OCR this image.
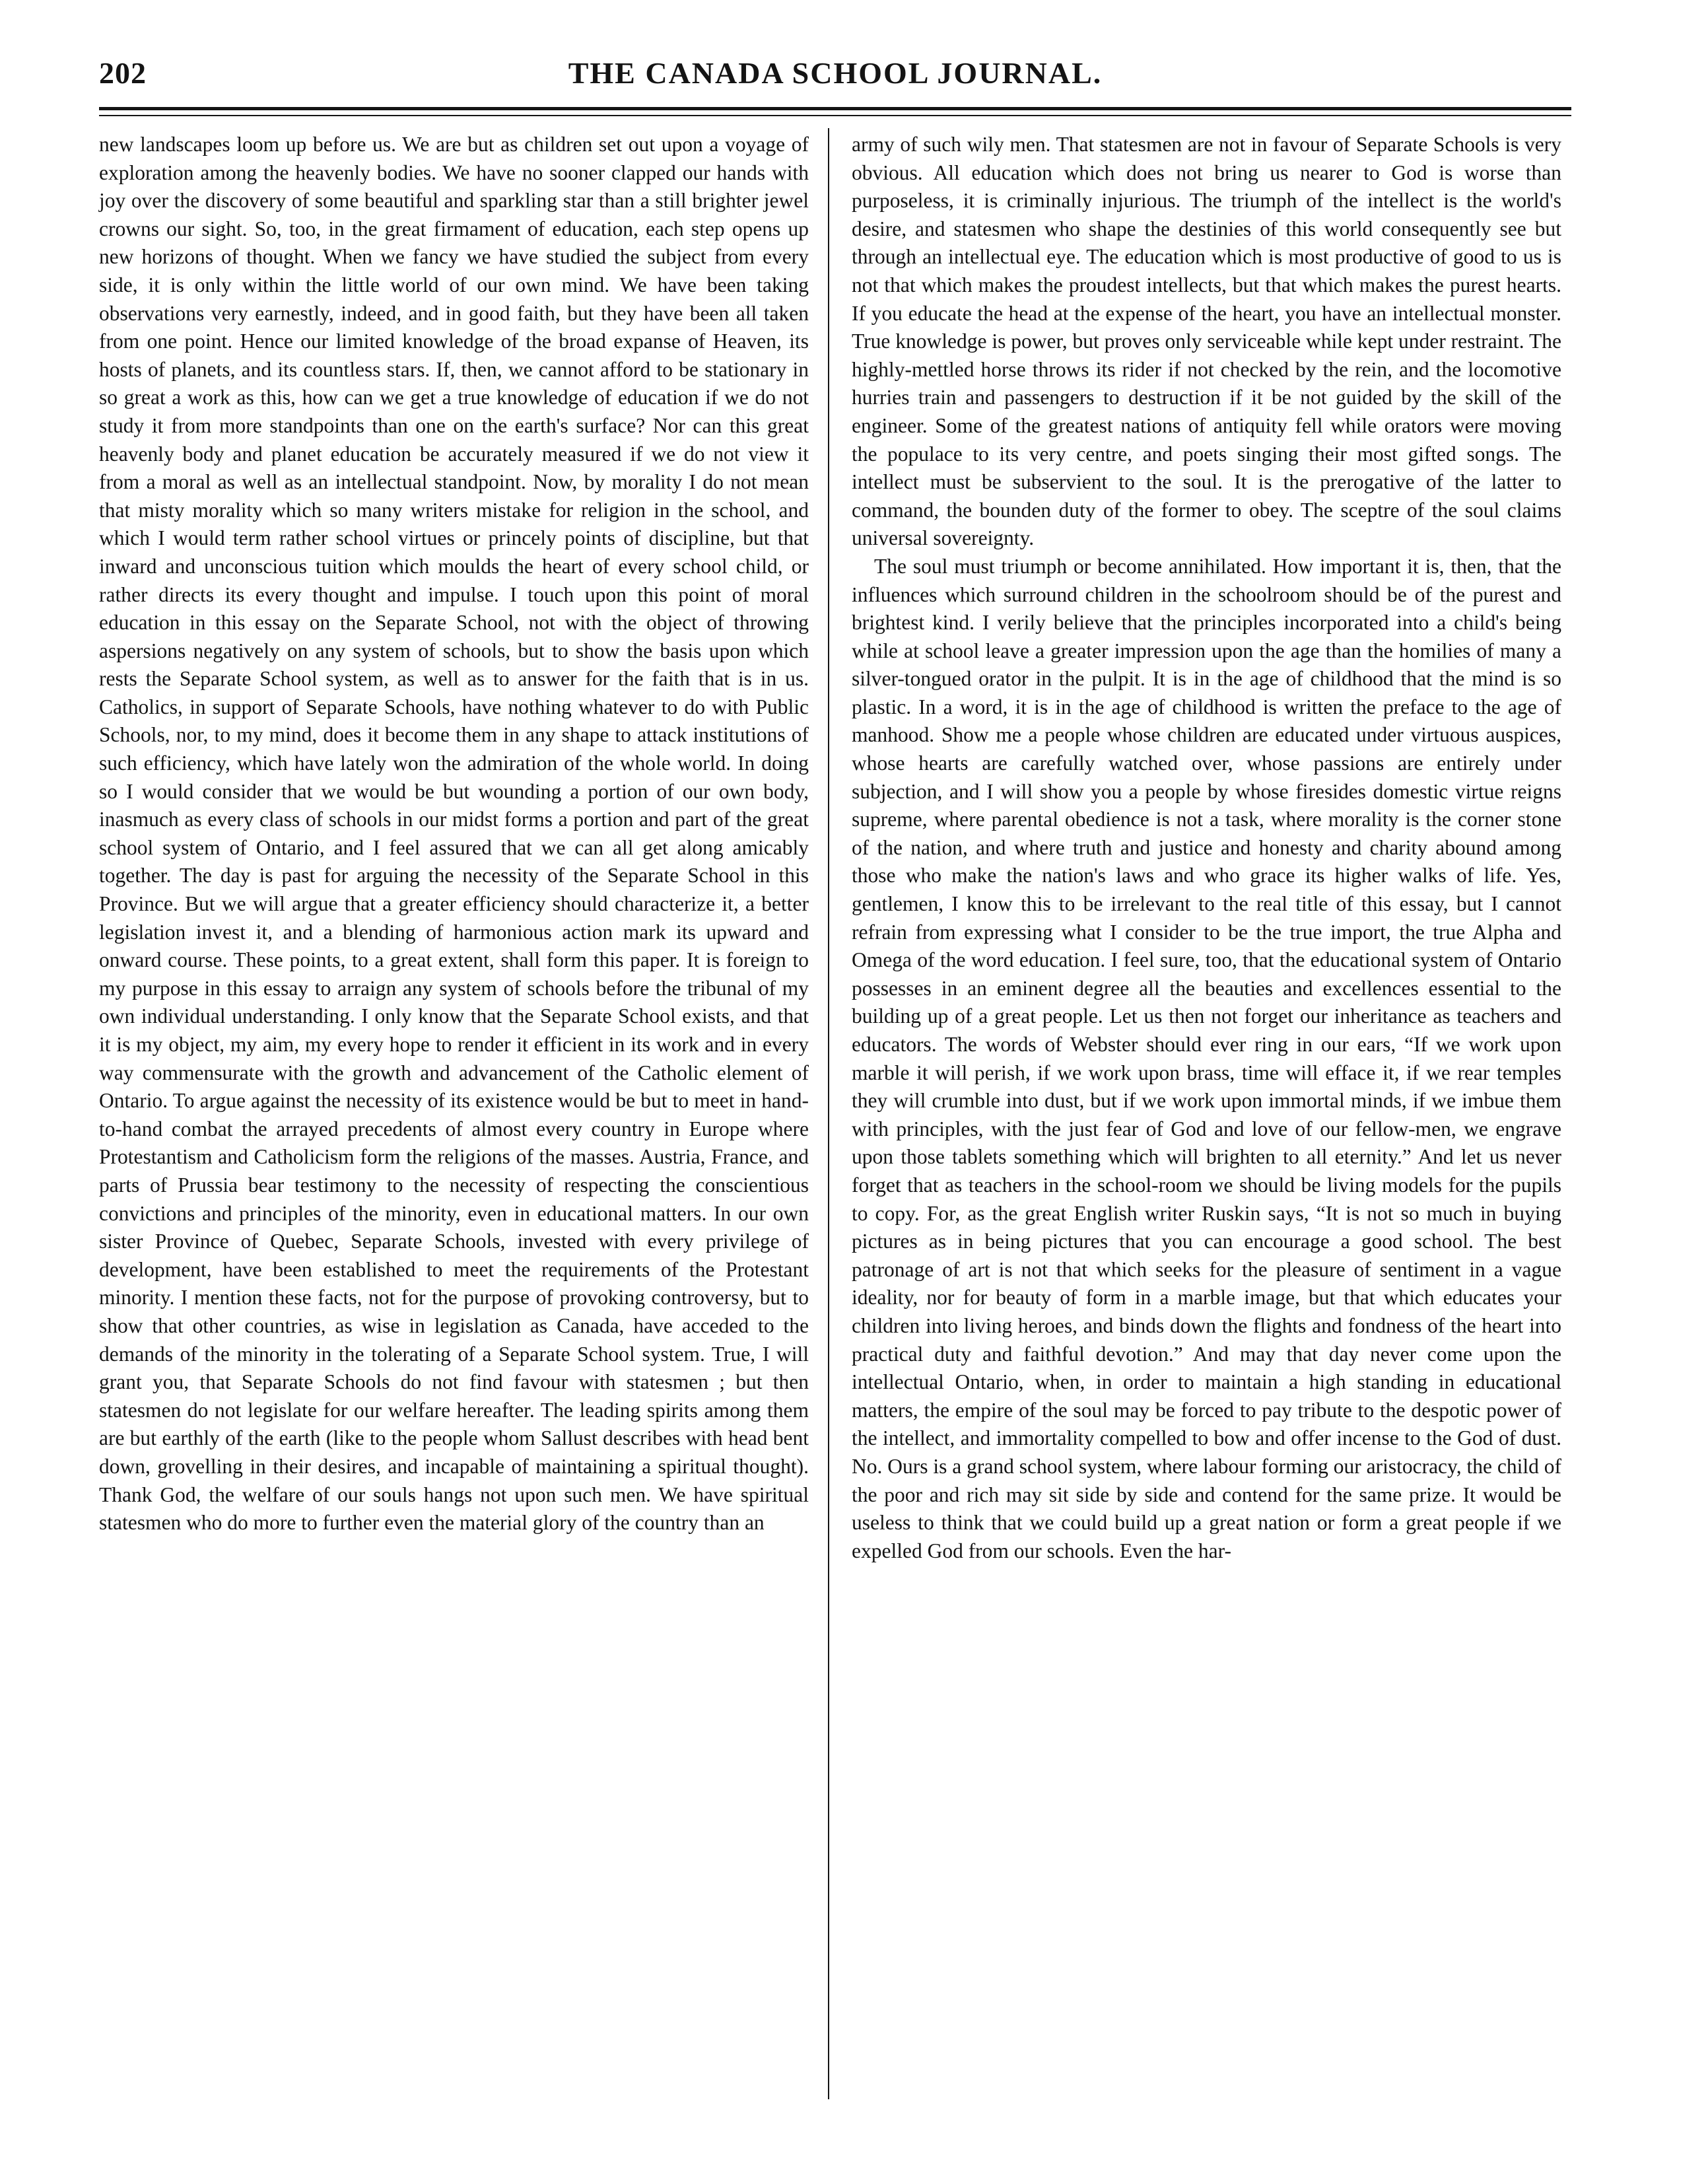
202	THE CANADA SCHOOL JOURNAL.

new landscapes loom up before us. We are but as children set out upon a voyage of exploration among the heavenly bodies. We have no sooner clapped our hands with joy over the discovery of some beautiful and sparkling star than a still brighter jewel crowns our sight. So, too, in the great firmament of education, each step opens up new horizons of thought. When we fancy we have studied the subject from every side, it is only within the little world of our own mind. We have been taking observations very earnestly, indeed, and in good faith, but they have been all taken from one point. Hence our limited knowledge of the broad expanse of Heaven, its hosts of planets, and its countless stars. If, then, we cannot afford to be stationary in so great a work as this, how can we get a true knowledge of education if we do not study it from more standpoints than one on the earth's surface? Nor can this great heavenly body and planet education be accurately measured if we do not view it from a moral as well as an intellectual standpoint. Now, by morality I do not mean that misty morality which so many writers mistake for religion in the school, and which I would term rather school virtues or princely points of discipline, but that inward and unconscious tuition which moulds the heart of every school child, or rather directs its every thought and impulse. I touch upon this point of moral education in this essay on the Separate School, not with the object of throwing aspersions negatively on any system of schools, but to show the basis upon which rests the Separate School system, as well as to answer for the faith that is in us. Catholics, in support of Separate Schools, have nothing whatever to do with Public Schools, nor, to my mind, does it become them in any shape to attack institutions of such efficiency, which have lately won the admiration of the whole world. In doing so I would consider that we would be but wounding a portion of our own body, inasmuch as every class of schools in our midst forms a portion and part of the great school system of Ontario, and I feel assured that we can all get along amicably together. The day is past for arguing the necessity of the Separate School in this Province. But we will argue that a greater efficiency should characterize it, a better legislation invest it, and a blending of harmonious action mark its upward and onward course. These points, to a great extent, shall form this paper. It is foreign to my purpose in this essay to arraign any system of schools before the tribunal of my own individual understanding. I only know that the Separate School exists, and that it is my object, my aim, my every hope to render it efficient in its work and in every way commensurate with the growth and advancement of the Catholic element of Ontario. To argue against the necessity of its existence would be but to meet in hand-to-hand combat the arrayed precedents of almost every country in Europe where Protestantism and Catholicism form the religions of the masses. Austria, France, and parts of Prussia bear testimony to the necessity of respecting the conscientious convictions and principles of the minority, even in educational matters. In our own sister Province of Quebec, Separate Schools, invested with every privilege of development, have been established to meet the requirements of the Protestant minority. I mention these facts, not for the purpose of provoking controversy, but to show that other countries, as wise in legislation as Canada, have acceded to the demands of the minority in the tolerating of a Separate School system. True, I will grant you, that Separate Schools do not find favour with statesmen ; but then statesmen do not legislate for our welfare hereafter. The leading spirits among them are but earthly of the earth (like to the people whom Sallust describes with head bent down, grovelling in their desires, and incapable of maintaining a spiritual thought). Thank God, the welfare of our souls hangs not upon such men. We have spiritual statesmen who do more to further even the material glory of the country than an

army of such wily men. That statesmen are not in favour of Separate Schools is very obvious. All education which does not bring us nearer to God is worse than purposeless, it is criminally injurious. The triumph of the intellect is the world's desire, and statesmen who shape the destinies of this world consequently see but through an intellectual eye. The education which is most productive of good to us is not that which makes the proudest intellects, but that which makes the purest hearts. If you educate the head at the expense of the heart, you have an intellectual monster. True knowledge is power, but proves only serviceable while kept under restraint. The highly-mettled horse throws its rider if not checked by the rein, and the locomotive hurries train and passengers to destruction if it be not guided by the skill of the engineer. Some of the greatest nations of antiquity fell while orators were moving the populace to its very centre, and poets singing their most gifted songs. The intellect must be subservient to the soul. It is the prerogative of the latter to command, the bounden duty of the former to obey. The sceptre of the soul claims universal sovereignty.

The soul must triumph or become annihilated. How important it is, then, that the influences which surround children in the schoolroom should be of the purest and brightest kind. I verily believe that the principles incorporated into a child's being while at school leave a greater impression upon the age than the homilies of many a silver-tongued orator in the pulpit. It is in the age of childhood that the mind is so plastic. In a word, it is in the age of childhood is written the preface to the age of manhood. Show me a people whose children are educated under virtuous auspices, whose hearts are carefully watched over, whose passions are entirely under subjection, and I will show you a people by whose firesides domestic virtue reigns supreme, where parental obedience is not a task, where morality is the corner stone of the nation, and where truth and justice and honesty and charity abound among those who make the nation's laws and who grace its higher walks of life. Yes, gentlemen, I know this to be irrelevant to the real title of this essay, but I cannot refrain from expressing what I consider to be the true import, the true Alpha and Omega of the word education. I feel sure, too, that the educational system of Ontario possesses in an eminent degree all the beauties and excellences essential to the building up of a great people. Let us then not forget our inheritance as teachers and educators. The words of Webster should ever ring in our ears, “If we work upon marble it will perish, if we work upon brass, time will efface it, if we rear temples they will crumble into dust, but if we work upon immortal minds, if we imbue them with principles, with the just fear of God and love of our fellow-men, we engrave upon those tablets something which will brighten to all eternity.” And let us never forget that as teachers in the school-room we should be living models for the pupils to copy. For, as the great English writer Ruskin says, “It is not so much in buying pictures as in being pictures that you can encourage a good school. The best patronage of art is not that which seeks for the pleasure of sentiment in a vague ideality, nor for beauty of form in a marble image, but that which educates your children into living heroes, and binds down the flights and fondness of the heart into practical duty and faithful devotion.” And may that day never come upon the intellectual Ontario, when, in order to maintain a high standing in educational matters, the empire of the soul may be forced to pay tribute to the despotic power of the intellect, and immortality compelled to bow and offer incense to the God of dust. No. Ours is a grand school system, where labour forming our aristocracy, the child of the poor and rich may sit side by side and contend for the same prize. It would be useless to think that we could build up a great nation or form a great people if we expelled God from our schools. Even the har-
